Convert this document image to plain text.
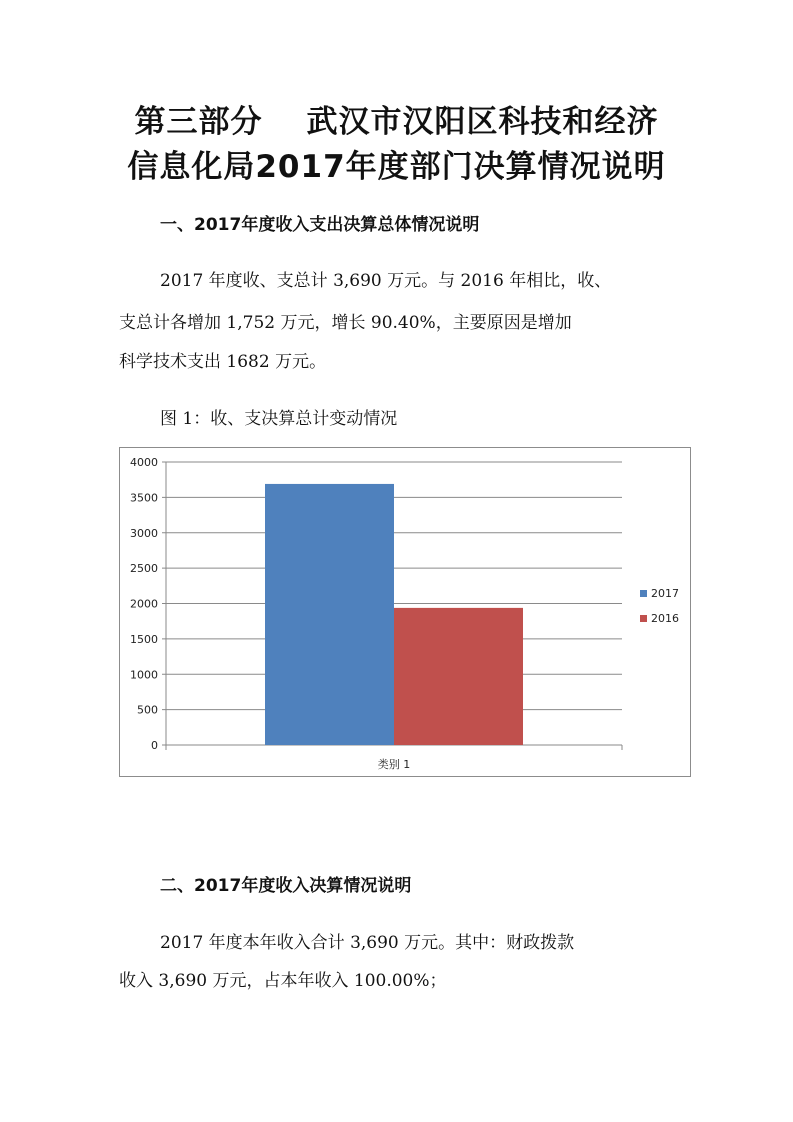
第三部分 武汉市汉阳区科技和经济
信息化局2017年度部门决算情况说明
一、2017年度收入支出决算总体情况说明
2017 年度收、支总计 3,690 万元。与 2016 年相比，收、
支总计各增加 1,752 万元，增长 90.40%，主要原因是增加
科学技术支出 1682 万元。
图 1：收、支决算总计变动情况
0
500
1000
1500
2000
2500
3000
3500
4000
类别 1
2017
2016
二、2017年度收入决算情况说明
2017 年度本年收入合计 3,690 万元。其中：财政拨款
收入 3,690 万元，占本年收入 100.00%；
